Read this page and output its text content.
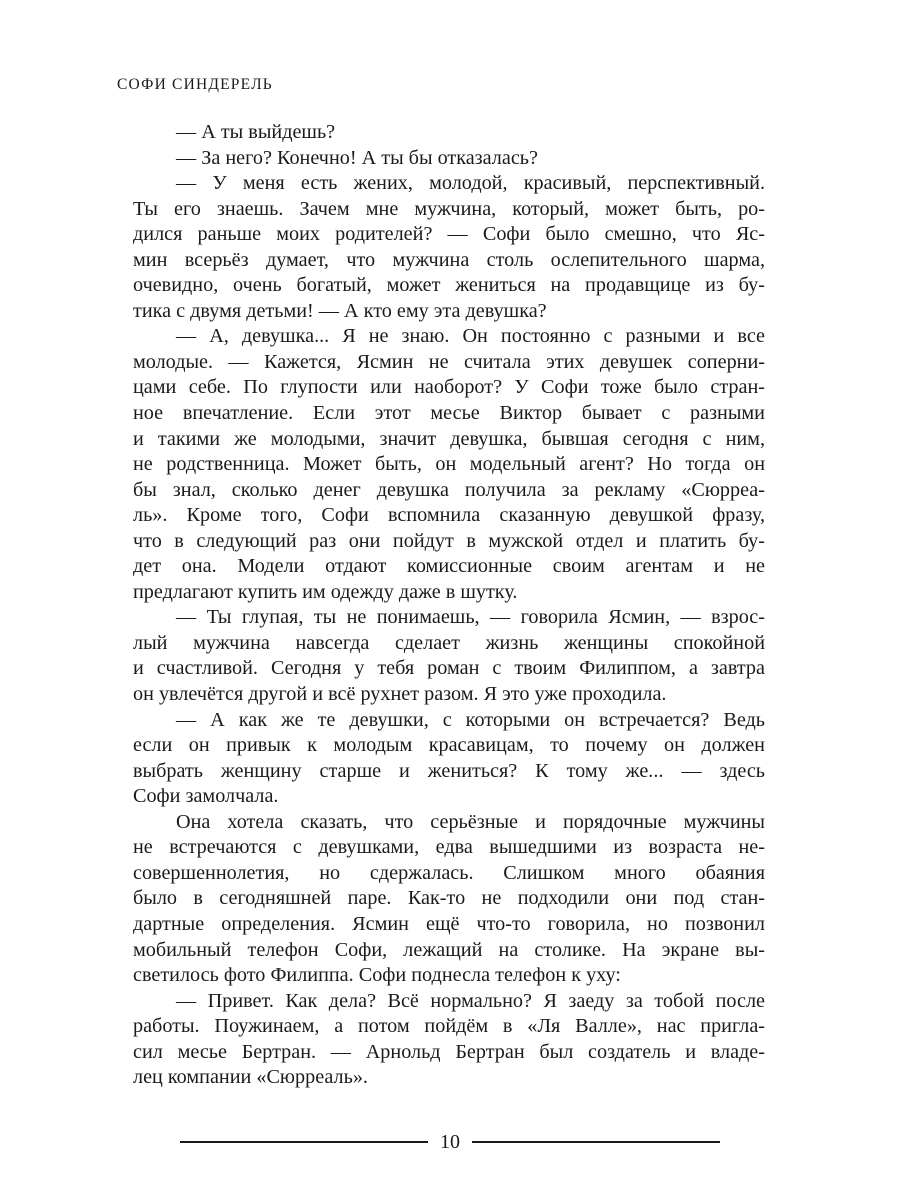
СОФИ СИНДЕРЕЛЬ
— А ты выйдешь?
— За него? Конечно! А ты бы отказалась?
— У меня есть жених, молодой, красивый, перспективный.
Ты его знаешь. Зачем мне мужчина, который, может быть, ро-
дился раньше моих родителей? — Софи было смешно, что Яс-
мин всерьёз думает, что мужчина столь ослепительного шарма,
очевидно, очень богатый, может жениться на продавщице из бу-
тика с двумя детьми! — А кто ему эта девушка?
— А, девушка... Я не знаю. Он постоянно с разными и все
молодые. — Кажется, Ясмин не считала этих девушек соперни-
цами себе. По глупости или наоборот? У Софи тоже было стран-
ное впечатление. Если этот месье Виктор бывает с разными
и такими же молодыми, значит девушка, бывшая сегодня с ним,
не родственница. Может быть, он модельный агент? Но тогда он
бы знал, сколько денег девушка получила за рекламу «Сюрреа-
ль». Кроме того, Софи вспомнила сказанную девушкой фразу,
что в следующий раз они пойдут в мужской отдел и платить бу-
дет она. Модели отдают комиссионные своим агентам и не
предлагают купить им одежду даже в шутку.
— Ты глупая, ты не понимаешь, — говорила Ясмин, — взрос-
лый мужчина навсегда сделает жизнь женщины спокойной
и счастливой. Сегодня у тебя роман с твоим Филиппом, а завтра
он увлечётся другой и всё рухнет разом. Я это уже проходила.
— А как же те девушки, с которыми он встречается? Ведь
если он привык к молодым красавицам, то почему он должен
выбрать женщину старше и жениться? К тому же... — здесь
Софи замолчала.
Она хотела сказать, что серьёзные и порядочные мужчины
не встречаются с девушками, едва вышедшими из возраста не-
совершеннолетия, но сдержалась. Слишком много обаяния
было в сегодняшней паре. Как-то не подходили они под стан-
дартные определения. Ясмин ещё что-то говорила, но позвонил
мобильный телефон Софи, лежащий на столике. На экране вы-
светилось фото Филиппа. Софи поднесла телефон к уху:
— Привет. Как дела? Всё нормально? Я заеду за тобой после
работы. Поужинаем, а потом пойдём в «Ля Валле», нас пригла-
сил месье Бертран. — Арнольд Бертран был создатель и владе-
лец компании «Сюрреаль».
10
